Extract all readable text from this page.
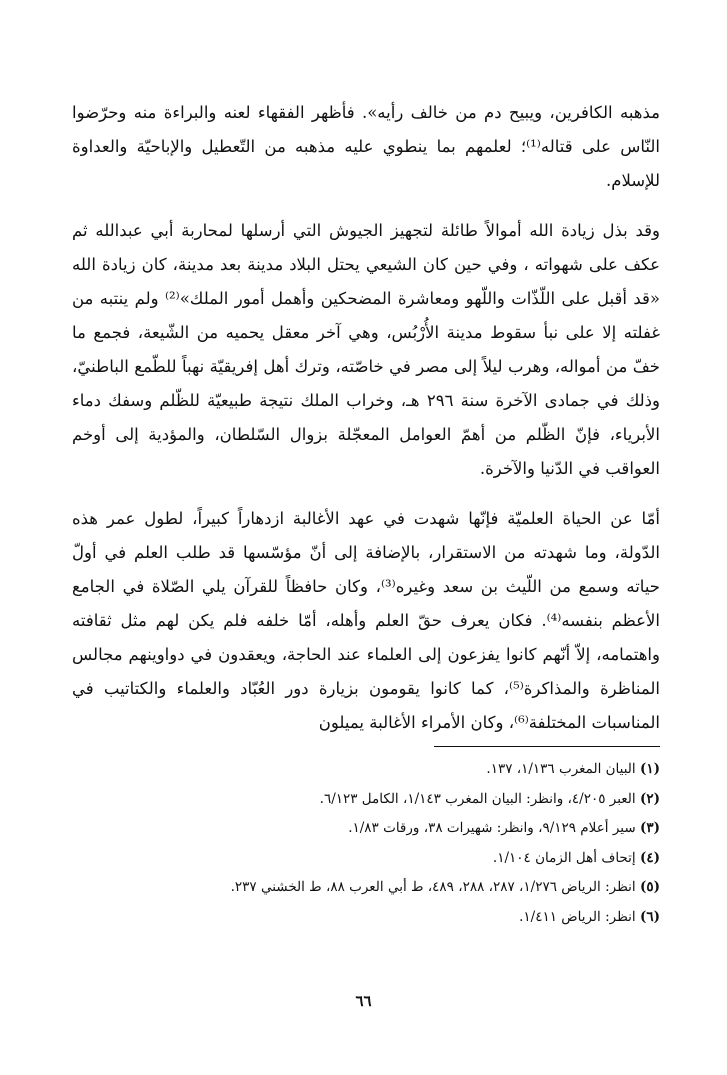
مذهبه الكافرين، ويبيح دم من خالف رأيه». فأظهر الفقهاء لعنه والبراءة منه وحرّضوا النّاس على قتاله⁽¹⁾؛ لعلمهم بما ينطوي عليه مذهبه من التّعطيل والإباحيّة والعداوة للإسلام.

وقد بذل زيادة الله أموالاً طائلة لتجهيز الجيوش التي أرسلها لمحاربة أبي عبدالله ثم عكف على شهواته ، وفي حين كان الشيعي يحتل البلاد مدينة بعد مدينة، كان زيادة الله «قد أقبل على اللّذّات واللّهو ومعاشرة المضحكين وأهمل أمور الملك»⁽²⁾ ولم ينتبه من غفلته إلا على نبأ سقوط مدينة الأُرْبُس، وهي آخر معقل يحميه من الشّيعة، فجمع ما خفّ من أمواله، وهرب ليلاً إلى مصر في خاصّته، وترك أهل إفريقيّة نهباً للطّمع الباطنيّ، وذلك في جمادى الآخرة سنة ٢٩٦ هـ، وخراب الملك نتيجة طبيعيّة للظّلم وسفك دماء الأبرياء، فإنّ الظّلم من أهمّ العوامل المعجّلة بزوال السّلطان، والمؤدية إلى أوخم العواقب في الدّنيا والآخرة.

أمّا عن الحياة العلميّة فإنّها شهدت في عهد الأغالبة ازدهاراً كبيراً، لطول عمر هذه الدّولة، وما شهدته من الاستقرار، بالإضافة إلى أنّ مؤسّسها قد طلب العلم في أولّ حياته وسمع من اللّيث بن سعد وغيره⁽³⁾، وكان حافظاً للقرآن يلي الصّلاة في الجامع الأعظم بنفسه⁽⁴⁾. فكان يعرف حقّ العلم وأهله، أمّا خلفه فلم يكن لهم مثل ثقافته واهتمامه، إلاّ أنّهم كانوا يفزعون إلى العلماء عند الحاجة، ويعقدون في دواوينهم مجالس المناظرة والمذاكرة⁽⁵⁾، كما كانوا يقومون بزيارة دور العُبّاد والعلماء والكتاتيب في المناسبات المختلفة⁽⁶⁾، وكان الأمراء الأغالبة يميلون

(١) البيان المغرب ١/١٣٦، ١٣٧.
(٢) العبر ٤/٢٠٥، وانظر: البيان المغرب ١/١٤٣، الكامل ٦/١٢٣.
(٣) سير أعلام ٩/١٢٩، وانظر: شهيرات ٣٨، ورقات ١/٨٣.
(٤) إتحاف أهل الزمان ١/١٠٤.
(٥) انظر: الرياض ١/٢٧٦، ٢٨٧، ٢٨٨، ٤٨٩، ط أبي العرب ٨٨، ط الخشني ٢٣٧.
(٦) انظر: الرياض ١/٤١١.
٦٦
